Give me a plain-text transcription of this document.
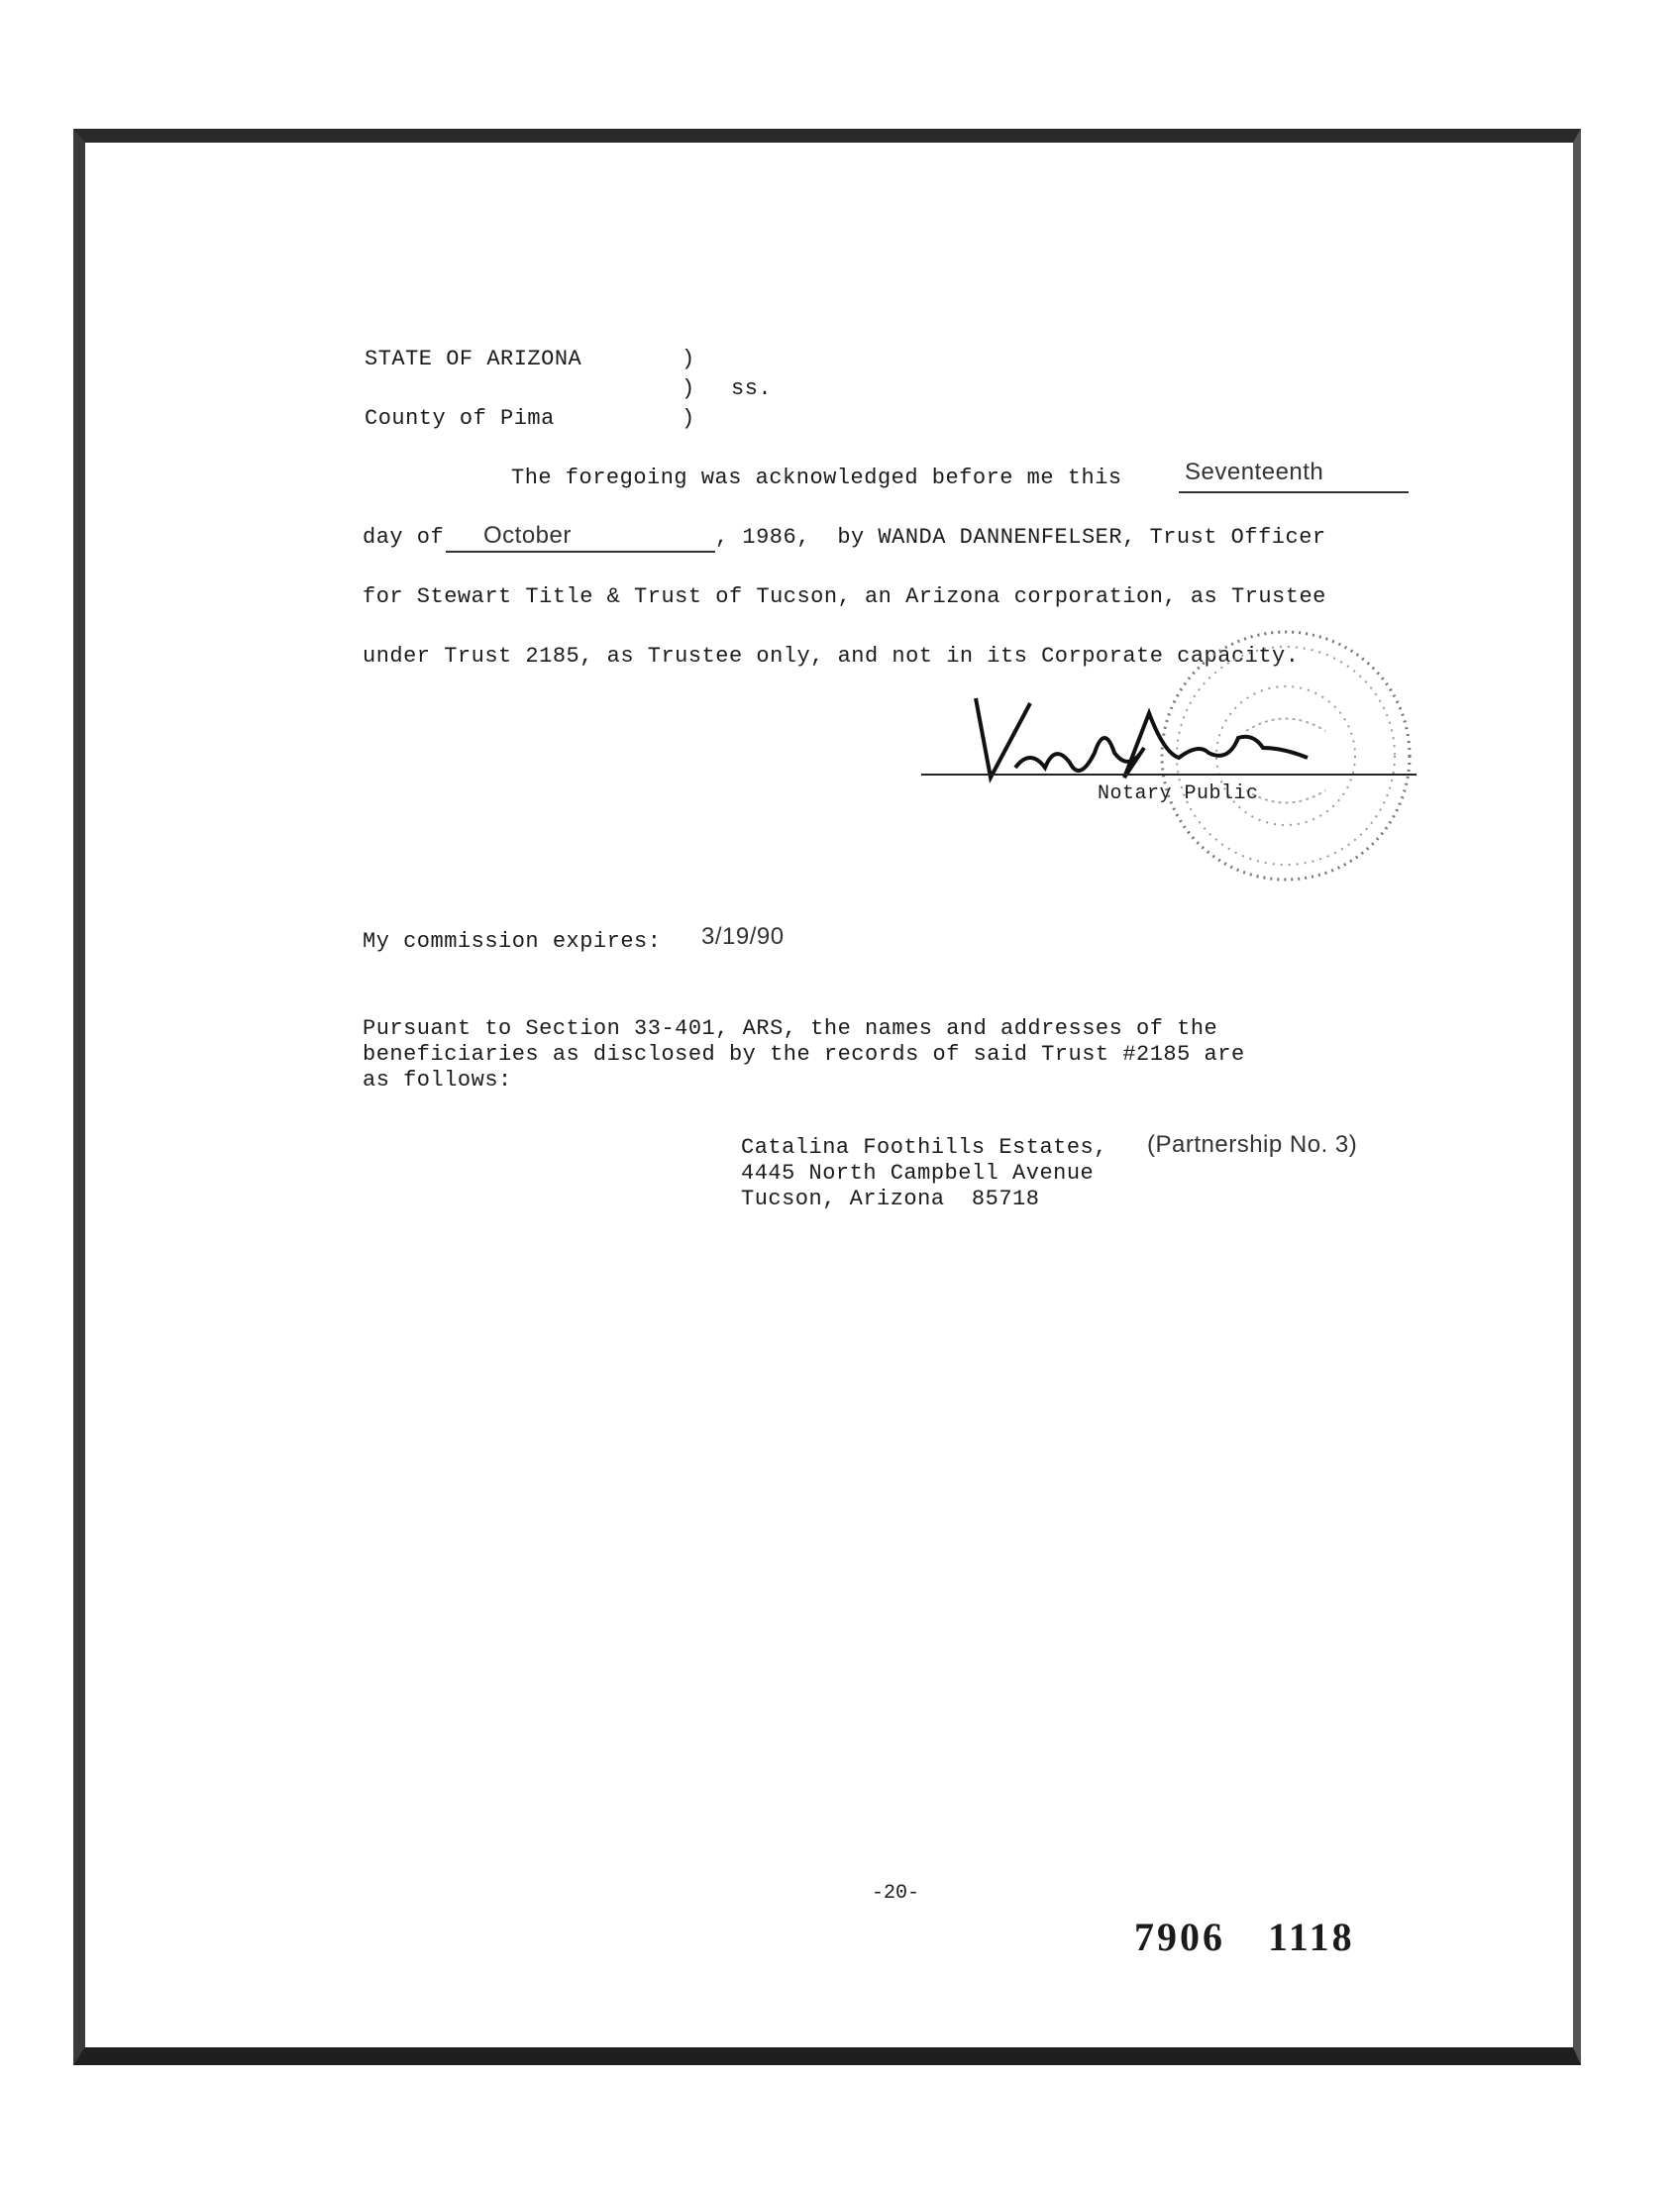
STATE OF ARIZONA	)
) ss.
County of Pima	)
The foregoing was acknowledged before me this	Seventeenth
day of October	, 1986,  by WANDA DANNENFELSER, Trust Officer
for Stewart Title & Trust of Tucson, an Arizona corporation, as Trustee
under Trust 2185, as Trustee only, and not in its Corporate capacity.
Notary Public
My commission expires: 3/19/90
Pursuant to Section 33-401, ARS, the names and addresses of the
beneficiaries as disclosed by the records of said Trust #2185 are
as follows:
Catalina Foothills Estates, (Partnership No. 3)
4445 North Campbell Avenue
Tucson, Arizona  85718
-20-
7906 1118
